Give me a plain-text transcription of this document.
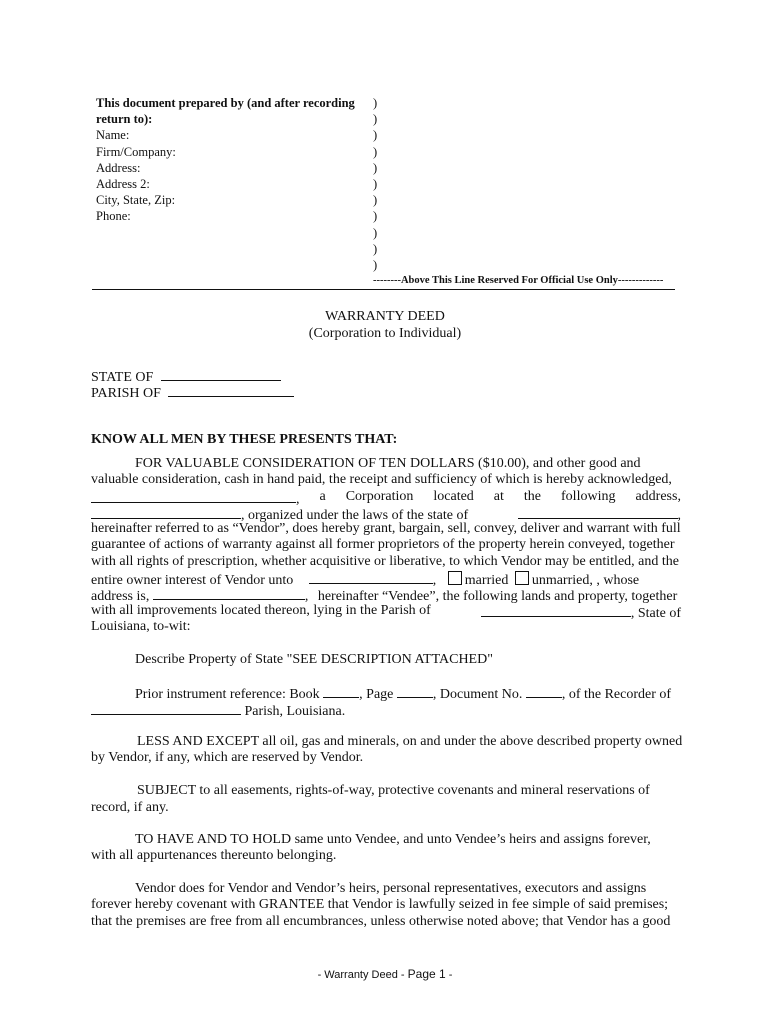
This document prepared by (and after recording
return to):
Name:
Firm/Company:
Address:
Address 2:
City, State, Zip:
Phone:
)
)
)
)
)
)
)
)
)
)
)
--------Above This Line Reserved For Official Use Only-------------
WARRANTY DEED
(Corporation to Individual)
STATE OF
PARISH OF
KNOW ALL MEN BY THESE PRESENTS THAT:
FOR VALUABLE CONSIDERATION OF TEN DOLLARS ($10.00), and other good and
valuable consideration, cash in hand paid, the receipt and sufficiency of which is hereby acknowledged,
, a Corporation located at the following address,
, organized under the laws of the state of	,
hereinafter referred to as “Vendor”, does hereby grant, bargain, sell, convey, deliver and warrant with full
guarantee of actions of warranty against all former proprietors of the property herein conveyed, together
with all rights of prescription, whether acquisitive or liberative, to which Vendor may be entitled, and the
entire owner interest of Vendor unto	, married unmarried, , whose
address is,	, hereinafter “Vendee”, the following lands and property, together
with all improvements located thereon, lying in the Parish of	, State of
Louisiana, to-wit:
Describe Property of State "SEE DESCRIPTION ATTACHED"
Prior instrument reference: Book	, Page	, Document No.	, of the Recorder of
Parish, Louisiana.
LESS AND EXCEPT all oil, gas and minerals, on and under the above described property owned
by Vendor, if any, which are reserved by Vendor.
SUBJECT to all easements, rights-of-way, protective covenants and mineral reservations of
record, if any.
TO HAVE AND TO HOLD same unto Vendee, and unto Vendee’s heirs and assigns forever,
with all appurtenances thereunto belonging.
Vendor does for Vendor and Vendor’s heirs, personal representatives, executors and assigns
forever hereby covenant with GRANTEE that Vendor is lawfully seized in fee simple of said premises;
that the premises are free from all encumbrances, unless otherwise noted above; that Vendor has a good
- Warranty Deed - Page 1 -
